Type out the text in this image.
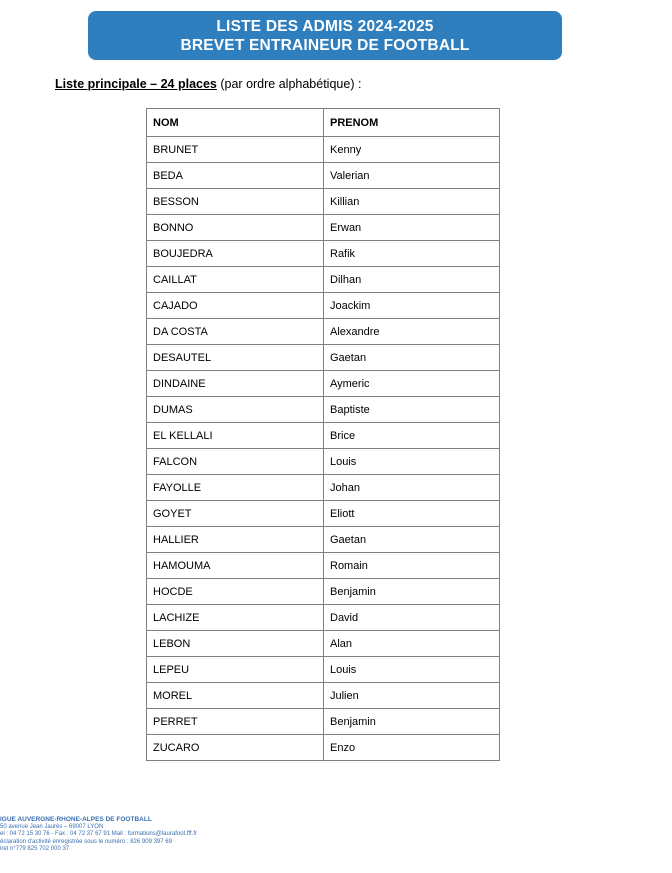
LISTE DES ADMIS 2024-2025
BREVET ENTRAINEUR DE FOOTBALL
Liste principale – 24 places (par ordre alphabétique) :
NOM	PRENOM
BRUNET	Kenny
BEDA	Valerian
BESSON	Killian
BONNO	Erwan
BOUJEDRA	Rafik
CAILLAT	Dilhan
CAJADO	Joackim
DA COSTA	Alexandre
DESAUTEL	Gaetan
DINDAINE	Aymeric
DUMAS	Baptiste
EL KELLALI	Brice
FALCON	Louis
FAYOLLE	Johan
GOYET	Eliott
HALLIER	Gaetan
HAMOUMA	Romain
HOCDE	Benjamin
LACHIZE	David
LEBON	Alan
LEPEU	Louis
MOREL	Julien
PERRET	Benjamin
ZUCARO	Enzo
IGUE AUVERGNE-RHONE-ALPES DE FOOTBALL
50 avenue Jean Jaurès – 69007 LYON
el : 04 72 15 30 76 - Fax : 04 72 37 67 91 Mail : formations@laurafoot.fff.fr
éclaration d'activité enregistrée sous le numéro : 826 909 397 69
iret n°779 825 702 000 37
